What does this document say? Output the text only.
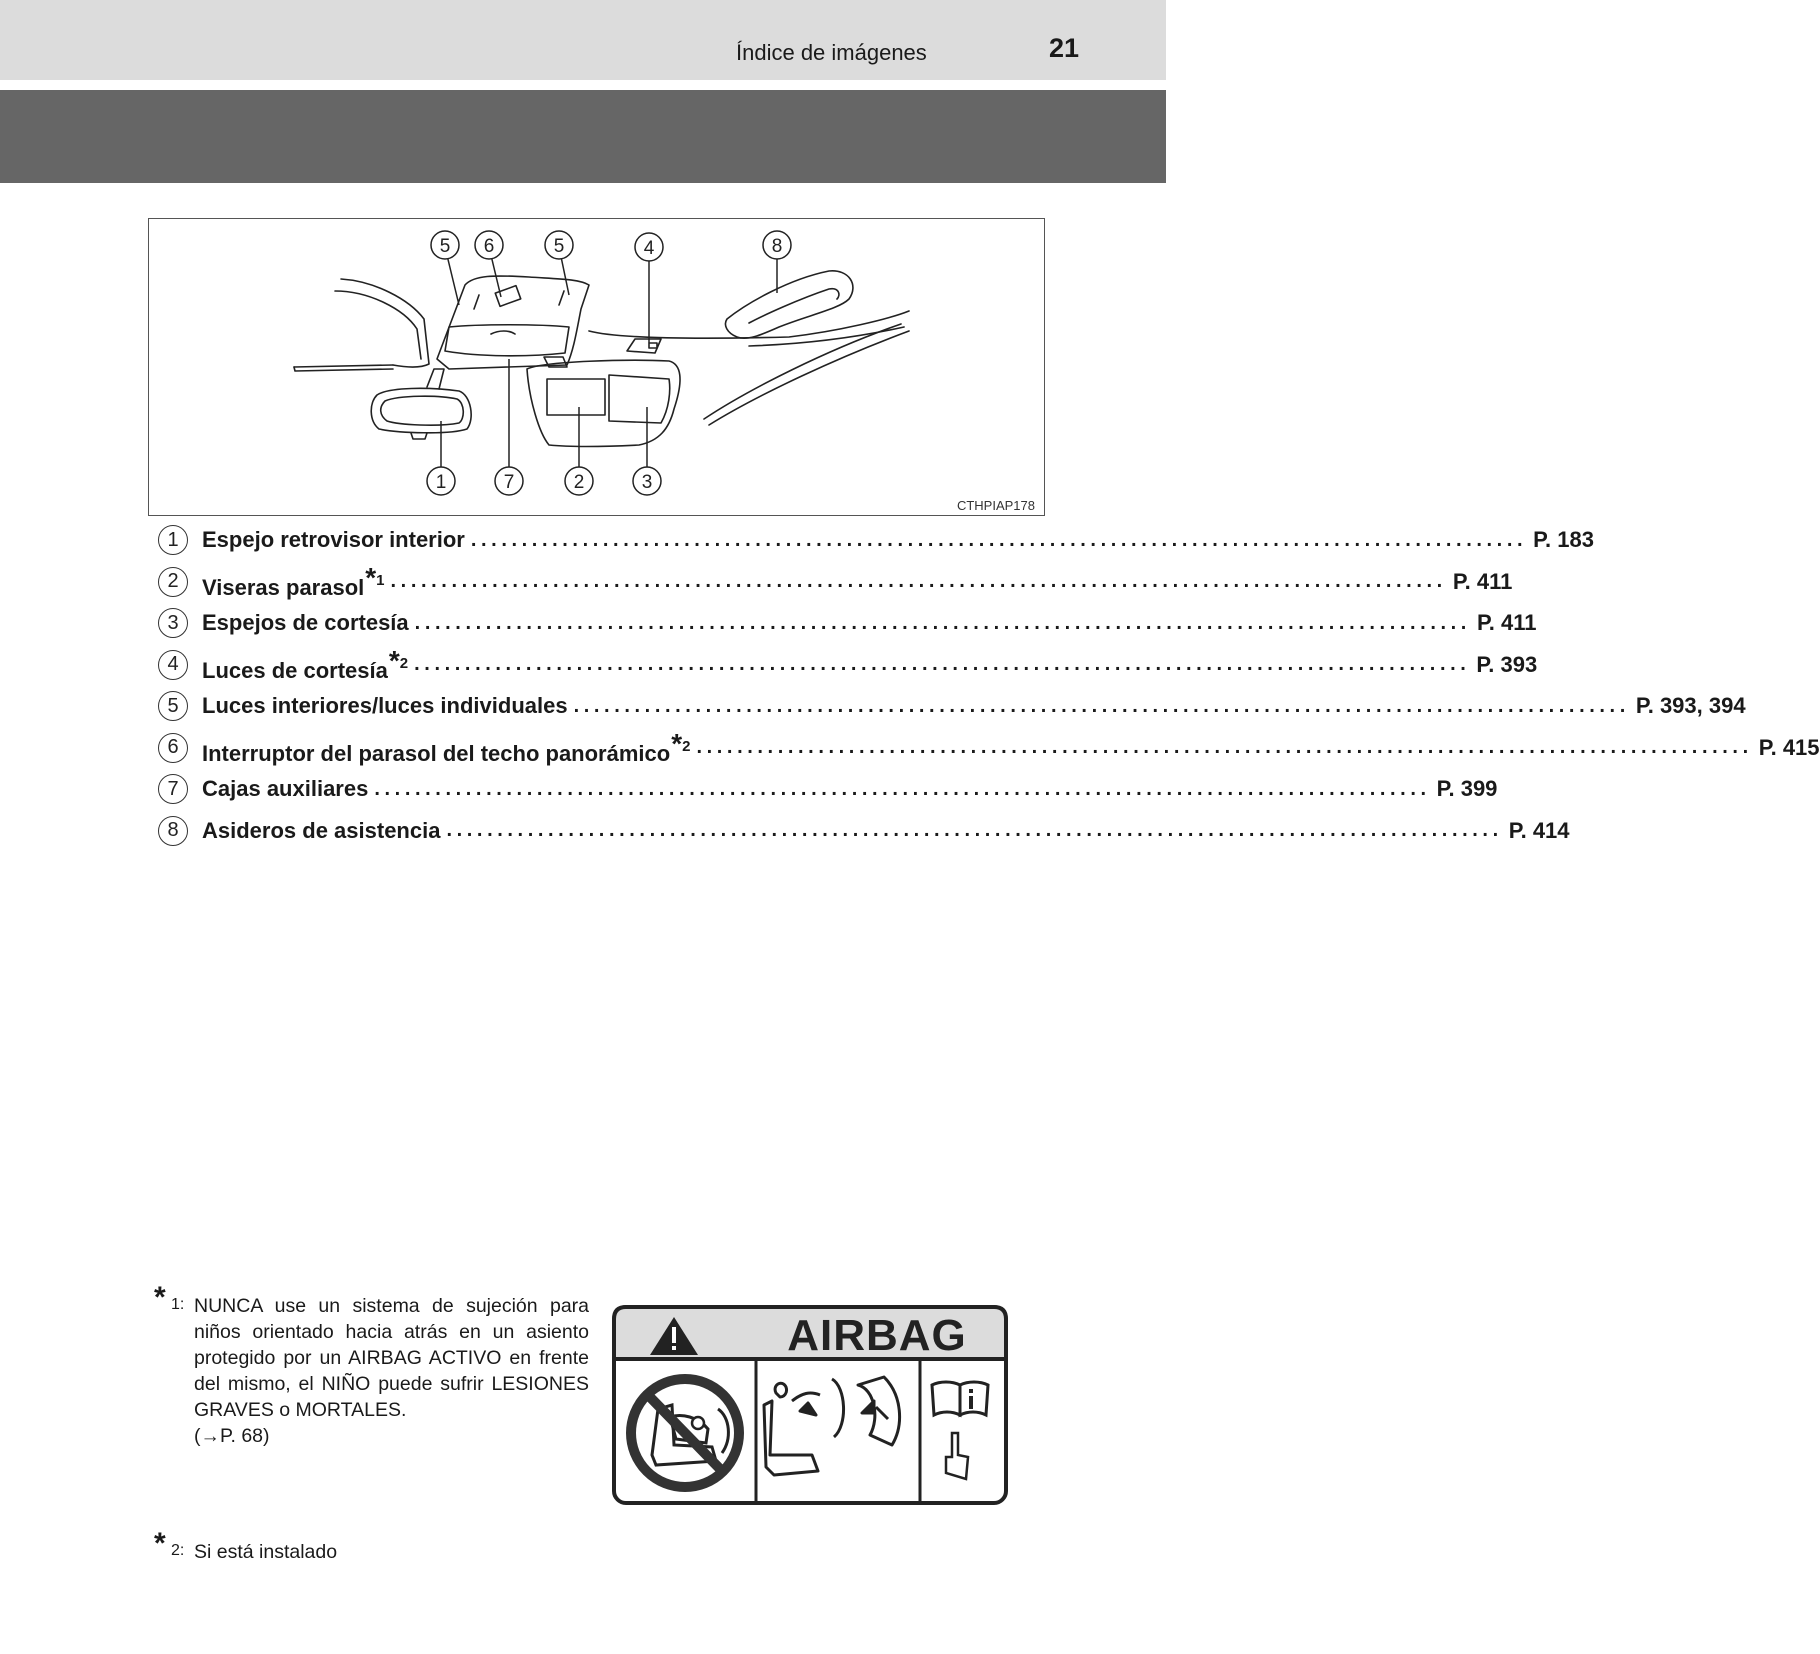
Índice de imágenes	21
5 6	5	4	8
1	7	2	3
CTHPIAP178
1	Espejo retrovisor interior ........................................................................................................ P. 183
2	Viseras parasol$^{*1}$ ........................................................................................................ P. 411
3	Espejos de cortesía ........................................................................................................ P. 411
4	Luces de cortesía$^{*2}$ ........................................................................................................ P. 393
5	Luces interiores/luces individuales ........................................................................................................ P. 393, 394
6	Interruptor del parasol del techo panorámico$^{*2}$ ........................................................................................................ P. 415
7	Cajas auxiliares ........................................................................................................ P. 399
8	Asideros de asistencia ........................................................................................................ P. 414
* 1: NUNCA use un sistema de sujeción para niños orientado hacia atrás en un asiento protegido por un AIRBAG ACTIVO en frente del mismo, el NIÑO puede sufrir LESIONES GRAVES o MORTALES.
(→P. 68)
* 2: Si está instalado
AIRBAG
